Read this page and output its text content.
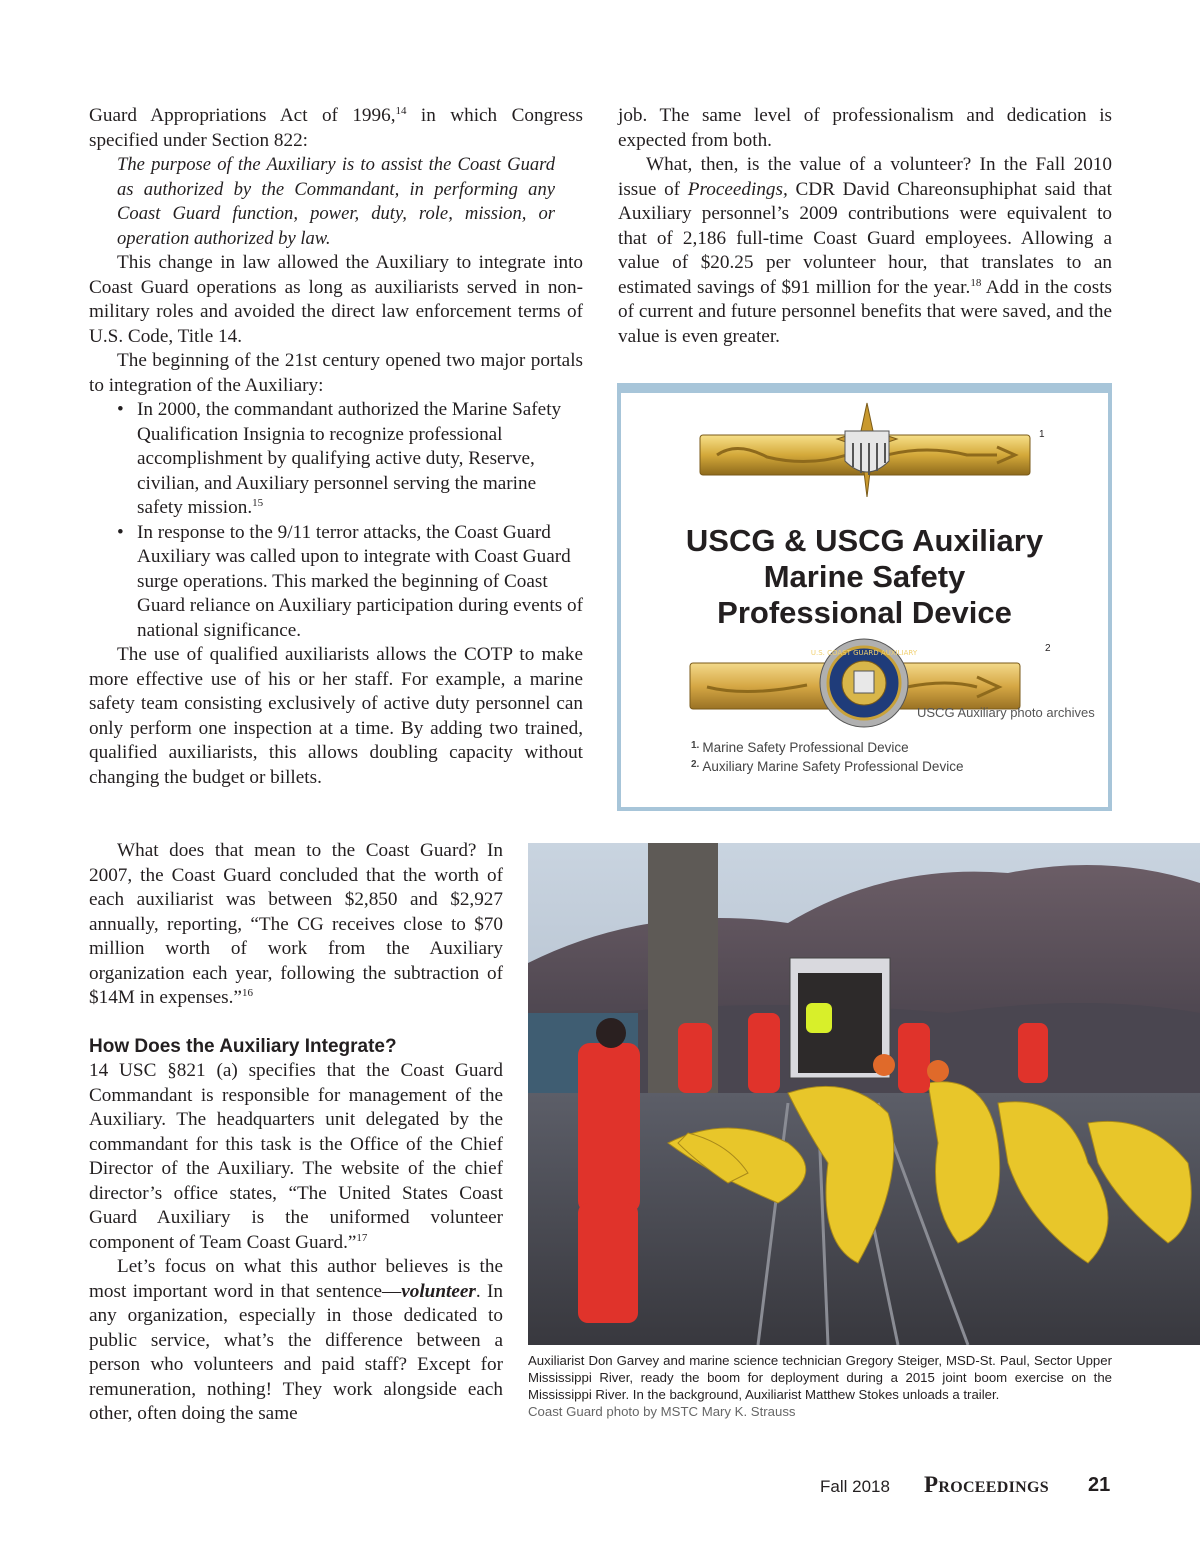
Guard Appropriations Act of 1996,14 in which Congress specified under Section 822:

The purpose of the Auxiliary is to assist the Coast Guard as authorized by the Commandant, in performing any Coast Guard function, power, duty, role, mission, or operation authorized by law.

This change in law allowed the Auxiliary to integrate into Coast Guard operations as long as auxiliarists served in non-military roles and avoided the direct law enforcement terms of U.S. Code, Title 14.

The beginning of the 21st century opened two major portals to integration of the Auxiliary:

• In 2000, the commandant authorized the Marine Safety Qualification Insignia to recognize professional accomplishment by qualifying active duty, Reserve, civilian, and Auxiliary personnel serving the marine safety mission.$^{15}$
• In response to the 9/11 terror attacks, the Coast Guard Auxiliary was called upon to integrate with Coast Guard surge operations. This marked the beginning of Coast Guard reliance on Auxiliary participation during events of national significance.

The use of qualified auxiliarists allows the COTP to make more effective use of his or her staff. For example, a marine safety team consisting exclusively of active duty personnel can only perform one inspection at a time. By adding two trained, qualified auxiliarists, this allows doubling capacity without changing the budget or billets.

What does that mean to the Coast Guard? In 2007, the Coast Guard concluded that the worth of each auxiliarist was between $2,850 and $2,927 annually, reporting, “The CG receives close to $70 million worth of work from the Auxiliary organization each year, following the subtraction of $14M in expenses.”$^{16}$

How Does the Auxiliary Integrate?

14 USC §821 (a) specifies that the Coast Guard Commandant is responsible for management of the Auxiliary. The headquarters unit delegated by the commandant for this task is the Office of the Chief Director of the Auxiliary. The website of the chief director’s office states, “The United States Coast Guard Auxiliary is the uniformed volunteer component of Team Coast Guard.”$^{17}$

Let’s focus on what this author believes is the most important word in that sentence—volunteer. In any organization, especially in those dedicated to public service, what’s the difference between a person who volunteers and paid staff? Except for remuneration, nothing! They work alongside each other, often doing the same

job. The same level of professionalism and dedication is expected from both.

What, then, is the value of a volunteer? In the Fall 2010 issue of Proceedings, CDR David Chareonsuphiphat said that Auxiliary personnel’s 2009 contributions were equivalent to that of 2,186 full-time Coast Guard employees. Allowing a value of $20.25 per volunteer hour, that translates to an estimated savings of $91 million for the year.$^{18}$ Add in the costs of current and future personnel benefits that were saved, and the value is even greater.

1
USCG & USCG Auxiliary
Marine Safety
Professional Device
U.S. COAST GUARD AUXILIARY	2
USCG Auxiliary photo archives
$^{1.}$ Marine Safety Professional Device
$^{2.}$ Auxiliary Marine Safety Professional Device
Auxiliarist Don Garvey and marine science technician Gregory Steiger, MSD-St. Paul, Sector Upper Mississippi River, ready the boom for deployment during a 2015 joint boom exercise on the Mississippi River. In the background, Auxiliarist Matthew Stokes unloads a trailer.
Coast Guard photo by MSTC Mary K. Strauss
Fall 2018 Proceedings 21
